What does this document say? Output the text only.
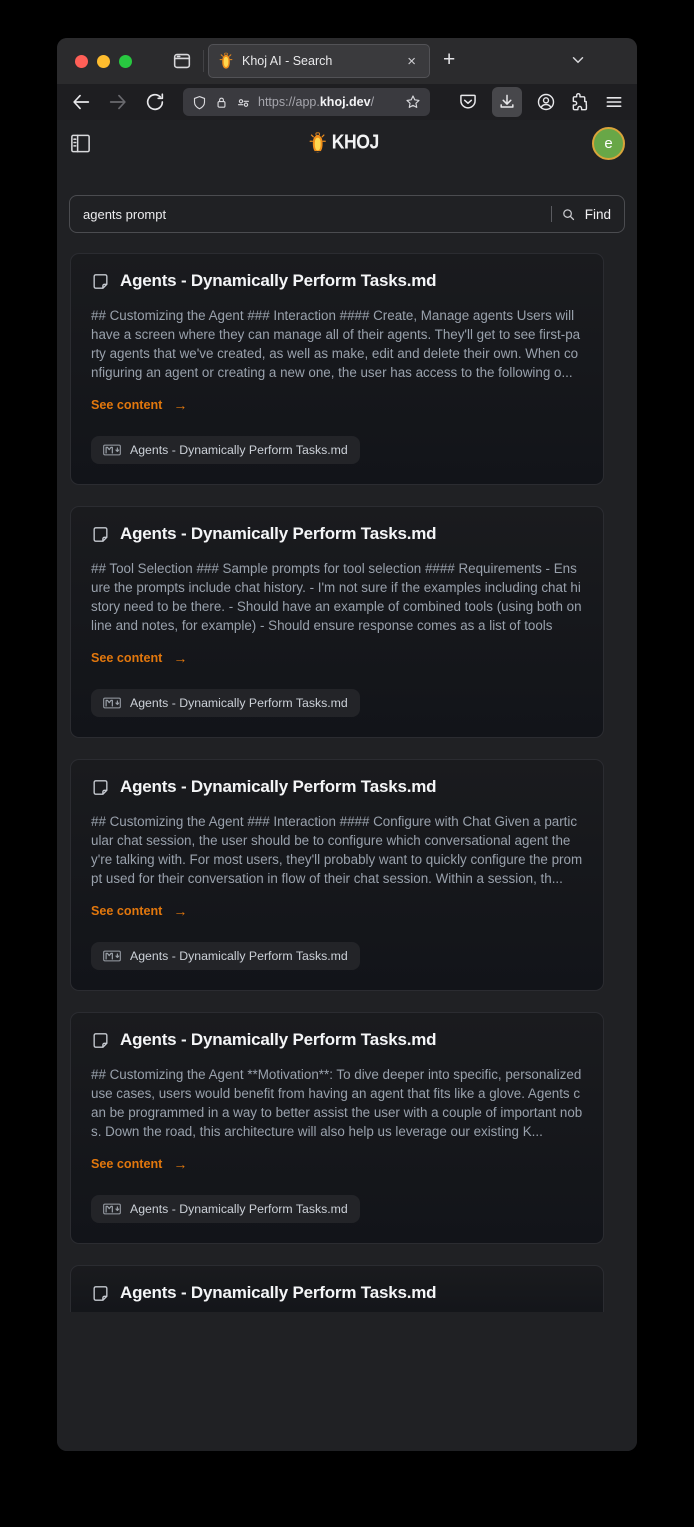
Khoj AI - Search	× +
https://app.khoj.dev/
KHOJ	e
agents prompt
Find
Agents - Dynamically Perform Tasks.md

## Customizing the Agent ### Interaction #### Create, Manage agents Users will have a screen where they can manage all of their agents. They'll get to see first-party agents that we've created, as well as make, edit and delete their own. When configuring an agent or creating a new one, the user has access to the following o...

See content →
Agents - Dynamically Perform Tasks.md
Agents - Dynamically Perform Tasks.md

## Tool Selection ### Sample prompts for tool selection #### Requirements - Ensure the prompts include chat history. - I'm not sure if the examples including chat history need to be there. - Should have an example of combined tools (using both online and notes, for example) - Should ensure response comes as a list of tools

See content →
Agents - Dynamically Perform Tasks.md
Agents - Dynamically Perform Tasks.md

## Customizing the Agent ### Interaction #### Configure with Chat Given a particular chat session, the user should be to configure which conversational agent they're talking with. For most users, they'll probably want to quickly configure the prompt used for their conversation in flow of their chat session. Within a session, th...

See content →
Agents - Dynamically Perform Tasks.md
Agents - Dynamically Perform Tasks.md

## Customizing the Agent **Motivation**: To dive deeper into specific, personalized use cases, users would benefit from having an agent that fits like a glove. Agents can be programmed in a way to better assist the user with a couple of important nobs. Down the road, this architecture will also help us leverage our existing K...

See content →
Agents - Dynamically Perform Tasks.md
Agents - Dynamically Perform Tasks.md
